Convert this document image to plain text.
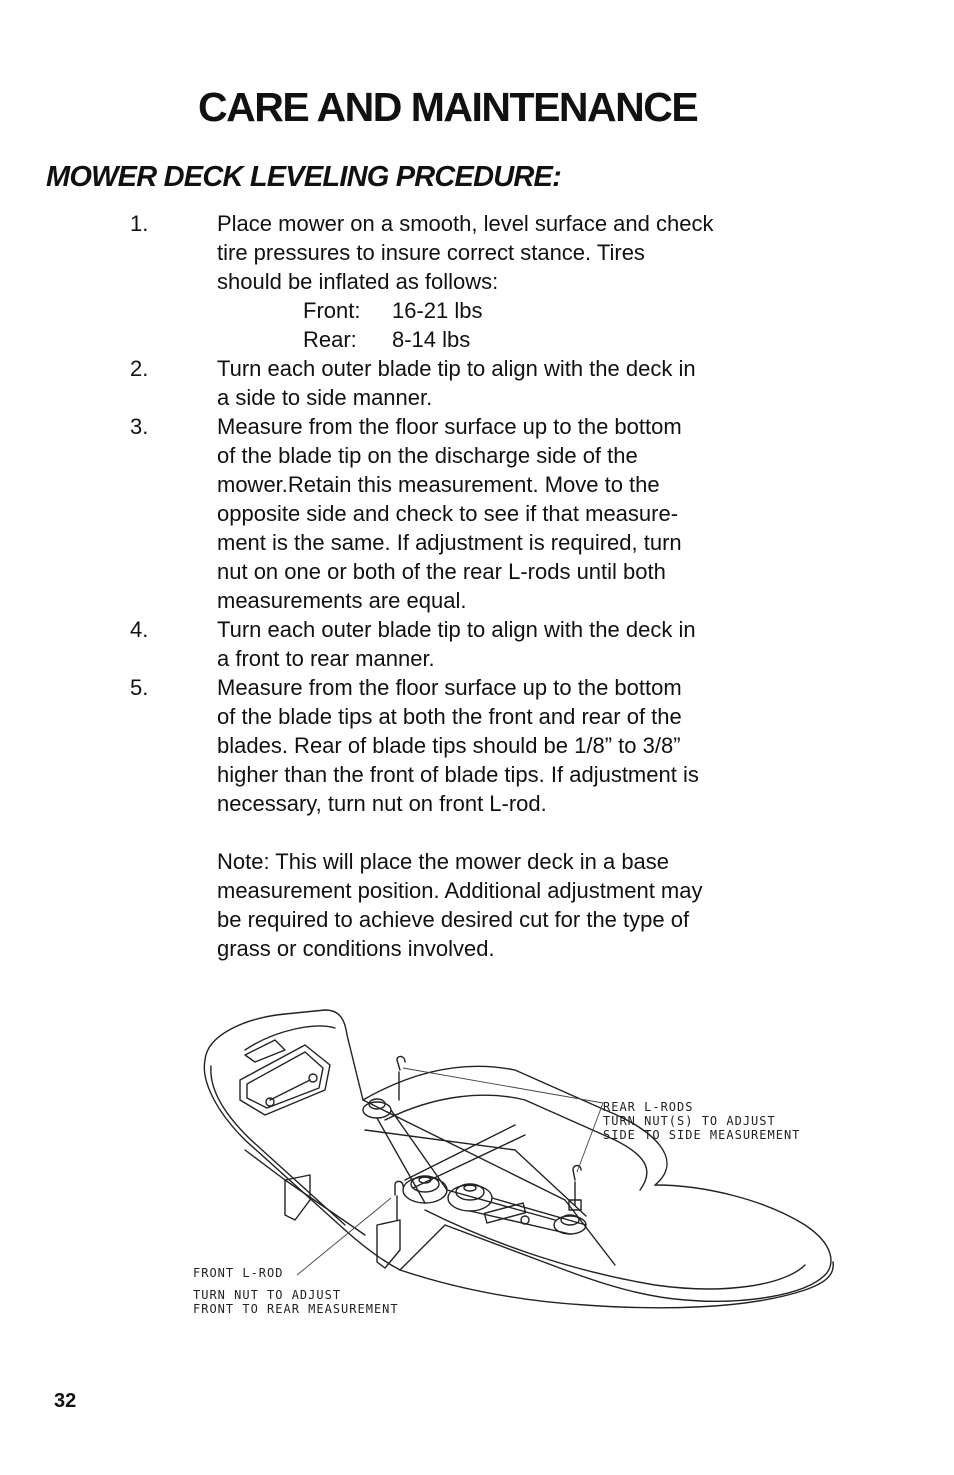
CARE AND MAINTENANCE
MOWER DECK LEVELING PRCEDURE:
1.	Place mower on a smooth, level surface and check
tire pressures to insure correct stance. Tires
should be inflated as follows:
Front: 16-21 lbs
Rear: 8-14 lbs
2.	Turn each outer blade tip to align with the deck in
a side to side manner.
3.	Measure from the floor surface up to the bottom
of the blade tip on the discharge side of the
mower.Retain this measurement. Move to the
opposite side and check to see if that measure-
ment is the same. If adjustment is required, turn
nut on one or both of the rear L-rods until both
measurements are equal.
4.	Turn each outer blade tip to align with the deck in
a front to rear manner.
5.	Measure from the floor surface up to the bottom
of the blade tips at both the front and rear of the
blades. Rear of blade tips should be 1/8” to 3/8”
higher than the front of blade tips. If adjustment is
necessary, turn nut on front L-rod.
Note: This will place the mower deck in a base
measurement position. Additional adjustment may
be required to achieve desired cut for the type of
grass or conditions involved.
REAR L-RODS
TURN NUT(S) TO ADJUST
SIDE TO SIDE MEASUREMENT
FRONT L-ROD
TURN NUT TO ADJUST
FRONT TO REAR MEASUREMENT
32
